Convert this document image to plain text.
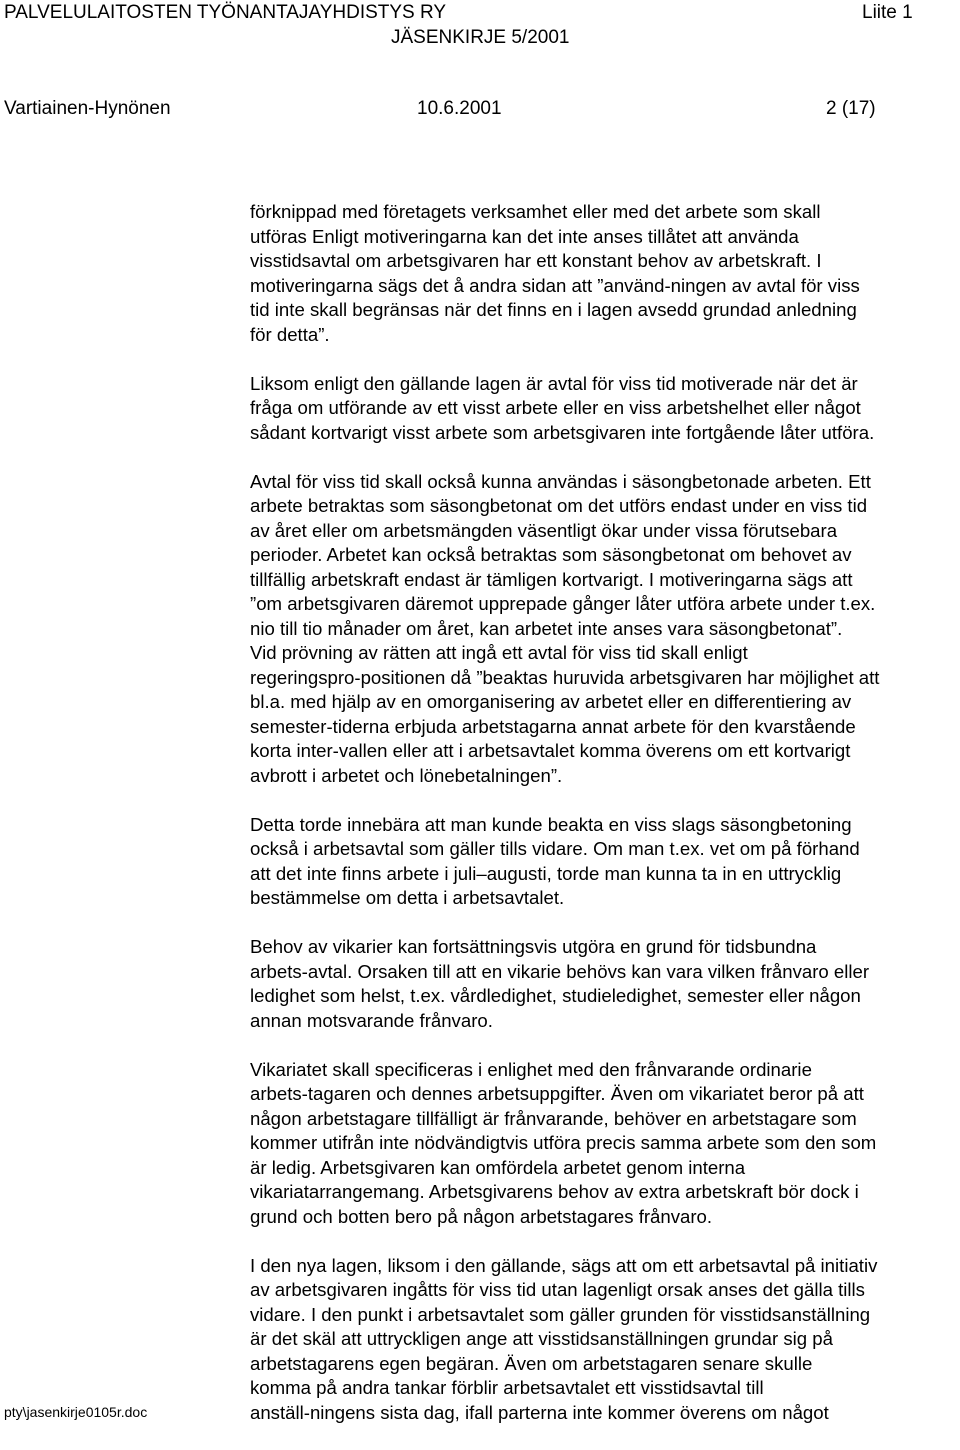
PALVELULAITOSTEN TYÖNANTAJAYHDISTYS RY	Liite 1
JÄSENKIRJE 5/2001
Vartiainen-Hynönen	10.6.2001	2 (17)

förknippad med företagets verksamhet eller med det arbete som skall
utföras Enligt motiveringarna kan det inte anses tillåtet att använda
visstidsavtal om arbetsgivaren har ett konstant behov av arbetskraft. I
motiveringarna sägs det å andra sidan att ”använd-ningen av avtal för viss
tid inte skall begränsas när det finns en i lagen avsedd grundad anledning
för detta”.

Liksom enligt den gällande lagen är avtal för viss tid motiverade när det är
fråga om utförande av ett visst arbete eller en viss arbetshelhet eller något
sådant kortvarigt visst arbete som arbetsgivaren inte fortgående låter utföra.

Avtal för viss tid skall också kunna användas i säsongbetonade arbeten. Ett
arbete betraktas som säsongbetonat om det utförs endast under en viss tid
av året eller om arbetsmängden väsentligt ökar under vissa förutsebara
perioder. Arbetet kan också betraktas som säsongbetonat om behovet av
tillfällig arbetskraft endast är tämligen kortvarigt. I motiveringarna sägs att
”om arbetsgivaren däremot upprepade gånger låter utföra arbete under t.ex.
nio till tio månader om året, kan arbetet inte anses vara säsongbetonat”.
Vid prövning av rätten att ingå ett avtal för viss tid skall enligt
regeringspro-positionen då ”beaktas huruvida arbetsgivaren har möjlighet att
bl.a. med hjälp av en omorganisering av arbetet eller en differentiering av
semester-tiderna erbjuda arbetstagarna annat arbete för den kvarstående
korta inter-vallen eller att i arbetsavtalet komma överens om ett kortvarigt
avbrott i arbetet och lönebetalningen”.

Detta torde innebära att man kunde beakta en viss slags säsongbetoning
också i arbetsavtal som gäller tills vidare. Om man t.ex. vet om på förhand
att det inte finns arbete i juli–augusti, torde man kunna ta in en uttrycklig
bestämmelse om detta i arbetsavtalet.

Behov av vikarier kan fortsättningsvis utgöra en grund för tidsbundna
arbets-avtal. Orsaken till att en vikarie behövs kan vara vilken frånvaro eller
ledighet som helst, t.ex. vårdledighet, studieledighet, semester eller någon
annan motsvarande frånvaro.

Vikariatet skall specificeras i enlighet med den frånvarande ordinarie
arbets-tagaren och dennes arbetsuppgifter. Även om vikariatet beror på att
någon arbetstagare tillfälligt är frånvarande, behöver en arbetstagare som
kommer utifrån inte nödvändigtvis utföra precis samma arbete som den som
är ledig. Arbetsgivaren kan omfördela arbetet genom interna
vikariatarrangemang. Arbetsgivarens behov av extra arbetskraft bör dock i
grund och botten bero på någon arbetstagares frånvaro.

I den nya lagen, liksom i den gällande, sägs att om ett arbetsavtal på initiativ
av arbetsgivaren ingåtts för viss tid utan lagenligt orsak anses det gälla tills
vidare. I den punkt i arbetsavtalet som gäller grunden för visstidsanställning
är det skäl att uttryckligen ange att visstidsanställningen grundar sig på
arbetstagarens egen begäran. Även om arbetstagaren senare skulle
komma på andra tankar förblir arbetsavtalet ett visstidsavtal till
anställ-ningens sista dag, ifall parterna inte kommer överens om något

pty\jasenkirje0105r.doc
